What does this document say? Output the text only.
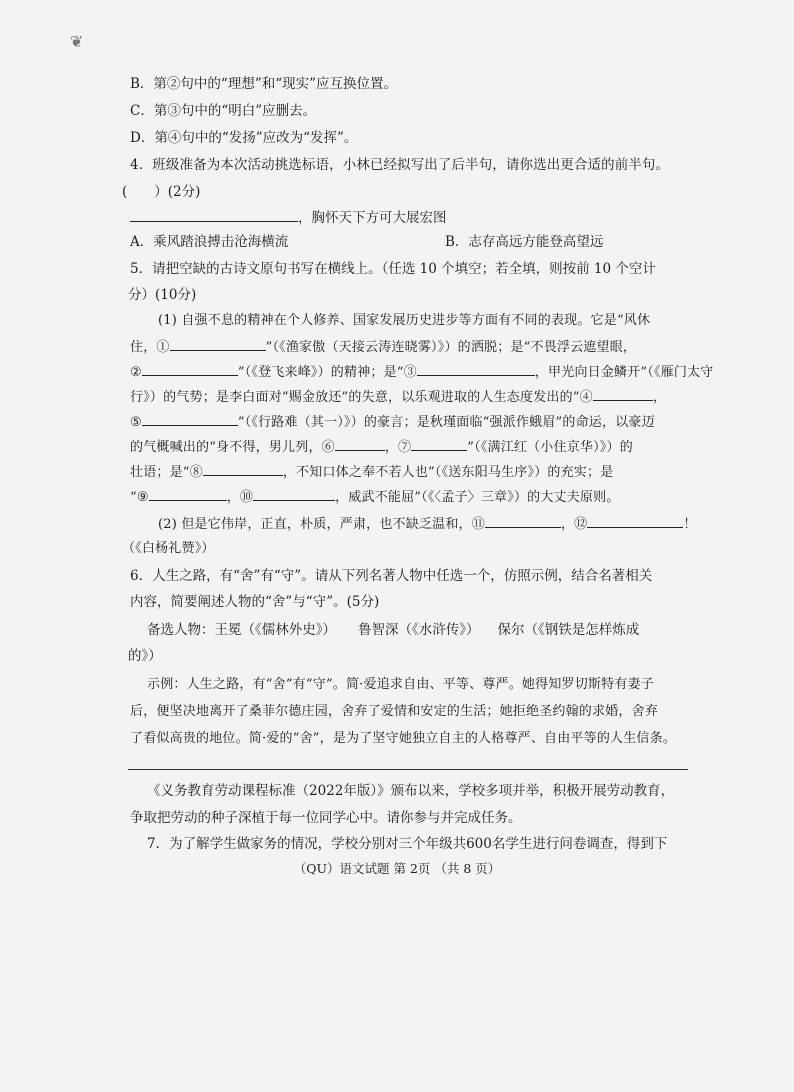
❦
B．第②句中的“理想”和“现实”应互换位置。
C．第③句中的“明白”应删去。
D．第④句中的“发扬”应改为“发挥”。
4．班级准备为本次活动挑选标语，小林已经拟写出了后半句，请你选出更合适的前半句。
(　　）(2分)
，胸怀天下方可大展宏图
A．乘风踏浪搏击沧海横流	B．志存高远方能登高望远
5．请把空缺的古诗文原句书写在横线上。（任选 10 个填空；若全填，则按前 10 个空计
分）(10分)
(1) 自强不息的精神在个人修养、国家发展历史进步等方面有不同的表现。它是“风休
住，①	”（《渔家傲（天接云涛连晓雾）》）的洒脱；是“不畏浮云遮望眼，
②	”（《登飞来峰》）的精神；是“③	，甲光向日金鳞开”（《雁门太守
行》）的气势；是李白面对“赐金放还”的失意，以乐观进取的人生态度发出的“④	，
⑤	”（《行路难（其一）》）的豪言；是秋瑾面临“强派作蛾眉”的命运，以豪迈
的气概喊出的“身不得，男儿列，⑥	，⑦	”（《满江红（小住京华）》）的
壮语；是“⑧	，不知口体之奉不若人也”（《送东阳马生序》）的充实；是
“⑨	，⑩	，威武不能屈”（《〈孟子〉三章》）的大丈夫原则。
(2) 但是它伟岸，正直，朴质，严肃，也不缺乏温和，⑪	，⑫	！
（《白杨礼赞》）
6．人生之路，有“舍”有“守”。请从下列名著人物中任选一个，仿照示例，结合名著相关
内容，简要阐述人物的“舍”与“守”。(5分)
备选人物：王冕（《儒林外史》） 鲁智深（《水浒传》） 保尔（《钢铁是怎样炼成
的》）
示例：人生之路，有“舍”有“守”。简·爱追求自由、平等、尊严。她得知罗切斯特有妻子
后，便坚决地离开了桑菲尔德庄园，舍弃了爱情和安定的生活；她拒绝圣约翰的求婚，舍弃
了看似高贵的地位。简·爱的“舍”，是为了坚守她独立自主的人格尊严、自由平等的人生信条。
《义务教育劳动课程标准（2022年版）》颁布以来，学校多项并举，积极开展劳动教育，
争取把劳动的种子深植于每一位同学心中。请你参与并完成任务。
7．为了解学生做家务的情况，学校分别对三个年级共600名学生进行问卷调查，得到下
（QU）语文试题 第 2页 （共 8 页）
